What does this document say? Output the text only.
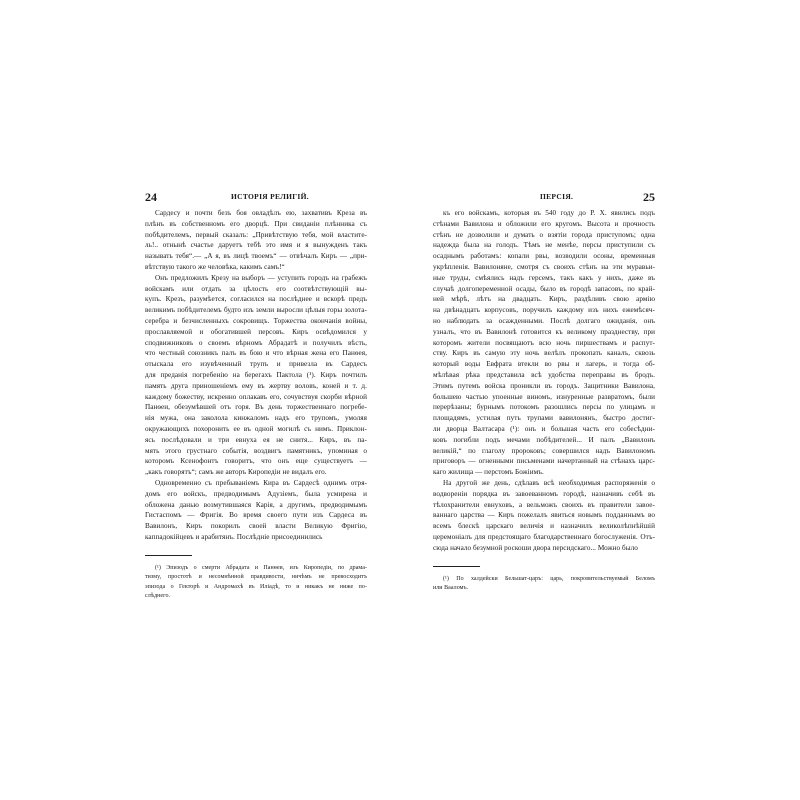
24	ИСТОРІЯ РЕЛИГІЙ.

Сардесу и почти безъ боя овладѣлъ ею, захвативъ Креза въ
плѣнъ въ собственномъ его дворцѣ. При свиданіи плѣнника съ
побѣдителемъ, первый сказалъ: „Привѣтствую тебя, мой властите-
ль!.. отнынѣ счастье даруетъ тебѣ это имя и я вынужденъ такъ
называть тебя“.— „А я, въ лицѣ твоемъ“ — отвѣчалъ Киръ — „при-
вѣтствую такого же человѣка, какимъ самъ!“

Онъ предложилъ Крезу на выборъ — уступить городъ на грабежъ
войскамъ или отдать за цѣлость его соотвѣтствующій вы-
купъ. Крезъ, разумѣется, согласился на послѣднее и вскорѣ предъ
великимъ побѣдителемъ будто изъ земли выросли цѣлыя горы золота-
серебра и безчисленныхъ сокровищъ. Торжества окончанія войны,
прославляемой и обогатившей персовъ. Киръ освѣдомился у
сподвижниковъ о своемъ вѣрномъ Абрадатѣ и получилъ вѣсть,
что честный союзникъ палъ въ бою и что вѣрная жена его Панѳея,
отыскала его изувѣченный трупъ и привезла въ Сардесъ
для преданія погребенію на берегахъ Пактола (¹). Киръ почтилъ
память друга приношеніемъ ему въ жертву воловъ, коней и т. д.
каждому божеству, искренно оплакавъ его, сочувствуя скорби вѣрной
Панѳеи, обезумѣвшей отъ горя. Въ день торжественнаго погребе-
нія мужа, она заколола кинжаломъ надъ его трупомъ, умоляя
окружающихъ похоронить ее въ одной могилѣ съ нимъ. Приклон-
ясь послѣдовали и три евнуха ея не снитя... Киръ, въ па-
мять этого грустнаго событія, воздвигъ памятникъ, упоминая о
которомъ Ксенофонтъ говоритъ, что онъ еще существуетъ —
„какъ говорятъ“; самъ же авторъ Киропедіи не видалъ его.

Одновременно съ пребываніемъ Кира въ Сардесѣ однимъ отря-
домъ его войскъ, предводимымъ Адузіемъ, была усмирена и
обложена данью возмутившаяся Карія, а другимъ, предводимымъ
Гистаспомъ — Фригія. Во время своего пути изъ Сардеса въ
Вавилонъ, Киръ покорилъ своей власти Великую Фригію,
каппадокійцевъ и арабитянъ. Послѣдніе присоединились

(¹) Эпизодъ о смерти Абрадата и Панѳеи, изъ Киропедіи, по драма-
тизму, простотѣ и несомнѣнной правдивости, ничѣмъ не превосходитъ
эпизода о Гекторѣ и Андромахѣ въ Иліадѣ, то и никакъ не ниже по-
слѣднего.
ПЕРСІЯ.	25

къ его войскамъ, которыя въ 540 году до Р. Х. явились подъ
стѣнами Вавилона и обложили его кругомъ. Высота и прочность
стѣнъ не дозволили и думать о взятіи города приступомъ; одна
надежда была на голодъ. Тѣмъ не менѣе, персы приступили съ
осаднымъ работамъ: копали рвы, возводили осоны, временныя
укрѣпленія. Вавилоняне, смотря съ своихъ стѣнъ на эти муравьи-
ные труды, смѣялись надъ герсемъ, такъ какъ у нихъ, даже въ
случаѣ долгопеременной осады, было въ городѣ запасовъ, по край-
ней мѣрѣ, лѣтъ на двадцать. Киръ, раздѣливъ свою армію
на двѣнадцать корпусовъ, поручилъ каждому изъ нихъ ежемѣсяч-
но наблюдать за осажденными. Послѣ долгаго ожиданія, онъ
узналъ, что въ Вавилонѣ готовится къ великому празднеству, при
которомъ жители посвящаютъ всю ночь пиршествамъ и распут-
ству. Киръ въ самую эту ночь велѣлъ прокопать каналъ, сквозь
который воды Евфрата втекли во рвы и лагерь, и тогда об-
мѣлѣвая рѣка представила всѣ удобства переправы въ бродъ.
Этимъ путемъ войска проникли въ городъ. Защитники Вавилона,
большею частью упоенные виномъ, изнуренные развратомъ, были
перерѣзаны; бурнымъ потокомъ разошлись персы по улицамъ и
площадямъ, устилая путь трупами вавилонянъ, быстро достиг-
ли дворца Валтасара (¹): онъ и большая часть его собесѣдни-
ковъ погибли подъ мечами побѣдителей... И палъ „Вавилонъ
великій,“ по глаголу пророковъ; совершился надъ Вавилономъ
приговоръ — огненными письменами начертанный на стѣнахъ царс-
каго жилища — перстомъ Божіимъ.

На другой же день, сдѣлавъ всѣ необходимыя распоряженія о
водвореніи порядка въ завоеванномъ городѣ, назначивъ себѣ въ
тѣлохранители евнуховъ, а вельможъ своихъ въ правители завое-
ваннаго царства — Киръ пожелалъ явиться новымъ подданнымъ во
всемъ блескѣ царскаго величія и назначилъ великолѣпнѣйшій
церемоніалъ для предстоящаго благодарственнаго богослуженія. Отъ-
сюда начало безумной роскоши двора персидскаго... Можно было

(¹) По халдейски Бельшат-царъ: царь, покровительствуемый Беломъ
или Вааломъ.
